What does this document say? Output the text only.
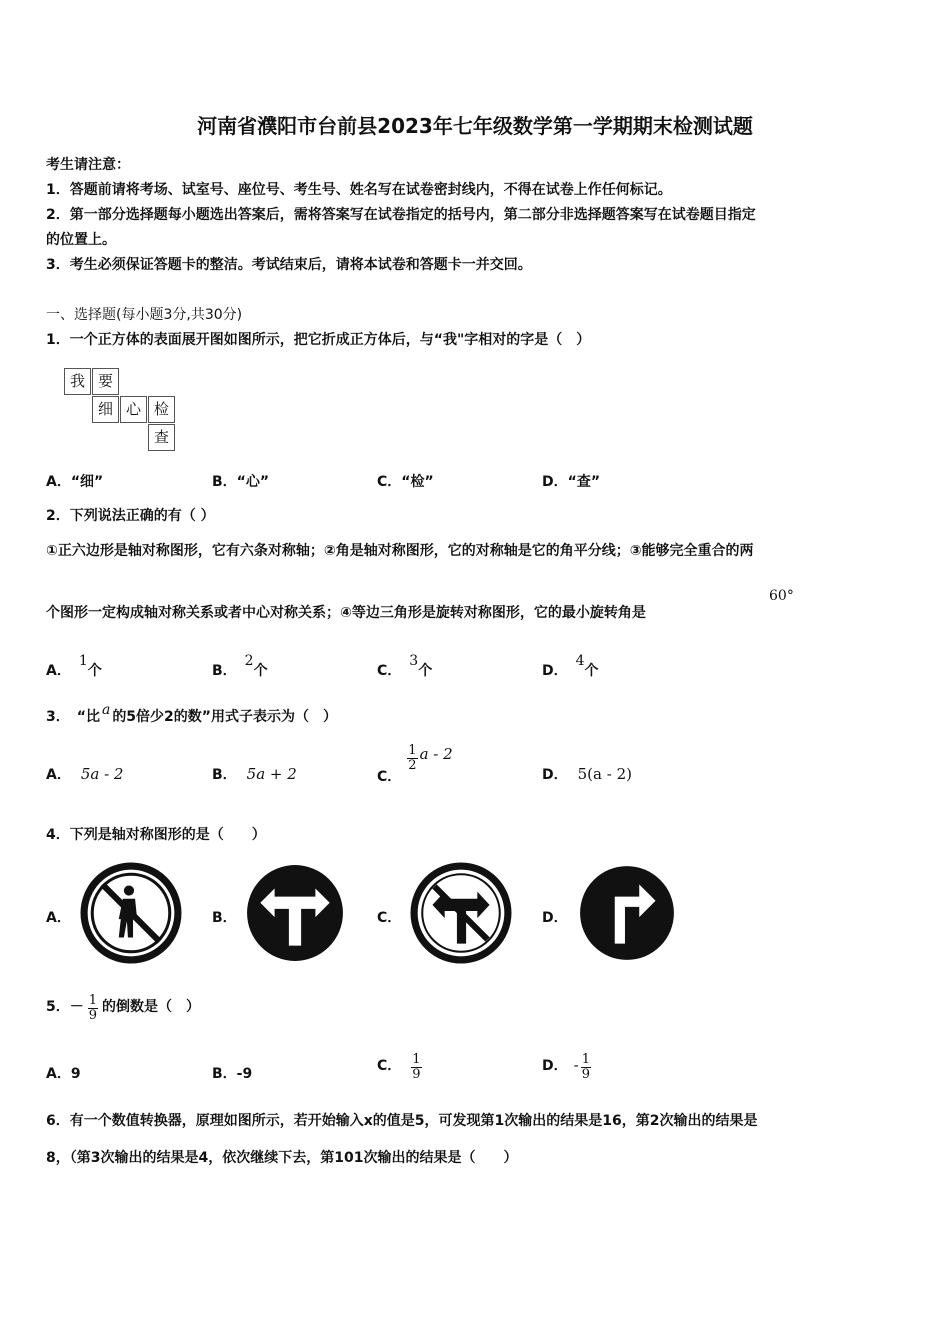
河南省濮阳市台前县2023年七年级数学第一学期期末检测试题
考生请注意：
1．答题前请将考场、试室号、座位号、考生号、姓名写在试卷密封线内，不得在试卷上作任何标记。
2．第一部分选择题每小题选出答案后，需将答案写在试卷指定的括号内，第二部分非选择题答案写在试卷题目指定
的位置上。
3．考生必须保证答题卡的整洁。考试结束后，请将本试卷和答题卡一并交回。
一、选择题(每小题3分,共30分)
1．一个正方体的表面展开图如图所示，把它折成正方体后，与“我"字相对的字是（　）
我 要
细 心 检
查
A．“细”	B．“心”	C．“检”	D．“查”
2．下列说法正确的有（ ）
①正六边形是轴对称图形，它有六条对称轴；②角是轴对称图形，它的对称轴是它的角平分线；③能够完全重合的两
个图形一定构成轴对称关系或者中心对称关系；④等边三角形是旋转对称图形，它的最小旋转角是
60°
A．1个	B．2个	C．3个	D．4个
3．　“比 a 的5倍少2的数”用式子表示为（　）
A． 5a - 2	B． 5a + 2	C．
$\frac{1}{2}$ a - 2
D． 5(a - 2)
4．下列是轴对称图形的是（　　）
A．	B．	C．	D．
5．－ $\frac{1}{9}$ 的倒数是（　）
A．9	B．-9
C． $\frac{1}{9}$	D． - $\frac{1}{9}$
6．有一个数值转换器，原理如图所示，若开始输入x的值是5，可发现第1次输出的结果是16，第2次输出的结果是
8，（第3次输出的结果是4，依次继续下去，第101次输出的结果是（　　）
